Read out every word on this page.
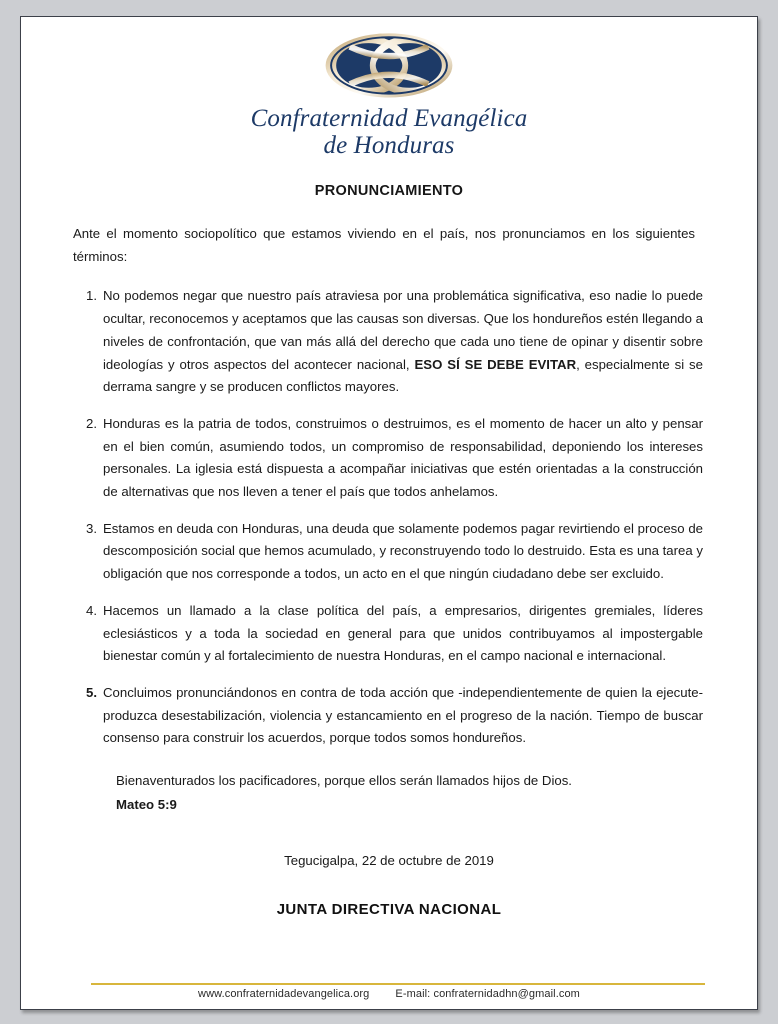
Confraternidad Evangélica
de Honduras

PRONUNCIAMIENTO

Ante el momento sociopolítico que estamos viviendo en el país, nos pronunciamos en los siguientes términos:

1. No podemos negar que nuestro país atraviesa por una problemática significativa, eso nadie lo puede ocultar, reconocemos y aceptamos que las causas son diversas. Que los hondureños estén llegando a niveles de confrontación, que van más allá del derecho que cada uno tiene de opinar y disentir sobre ideologías y otros aspectos del acontecer nacional, ESO SÍ SE DEBE EVITAR, especialmente si se derrama sangre y se producen conflictos mayores.
2. Honduras es la patria de todos, construimos o destruimos, es el momento de hacer un alto y pensar en el bien común, asumiendo todos, un compromiso de responsabilidad, deponiendo los intereses personales. La iglesia está dispuesta a acompañar iniciativas que estén orientadas a la construcción de alternativas que nos lleven a tener el país que todos anhelamos.
3. Estamos en deuda con Honduras, una deuda que solamente podemos pagar revirtiendo el proceso de descomposición social que hemos acumulado, y reconstruyendo todo lo destruido. Esta es una tarea y obligación que nos corresponde a todos, un acto en el que ningún ciudadano debe ser excluido.
4. Hacemos un llamado a la clase política del país, a empresarios, dirigentes gremiales, líderes eclesiásticos y a toda la sociedad en general para que unidos contribuyamos al impostergable bienestar común y al fortalecimiento de nuestra Honduras, en el campo nacional e internacional.
5. Concluimos pronunciándonos en contra de toda acción que -independientemente de quien la ejecute- produzca desestabilización, violencia y estancamiento en el progreso de la nación. Tiempo de buscar consenso para construir los acuerdos, porque todos somos hondureños.

Bienaventurados los pacificadores, porque ellos serán llamados hijos de Dios.
Mateo 5:9

Tegucigalpa, 22 de octubre de 2019

JUNTA DIRECTIVA NACIONAL

www.confraternidadevangelica.org E-mail: confraternidadhn@gmail.com
